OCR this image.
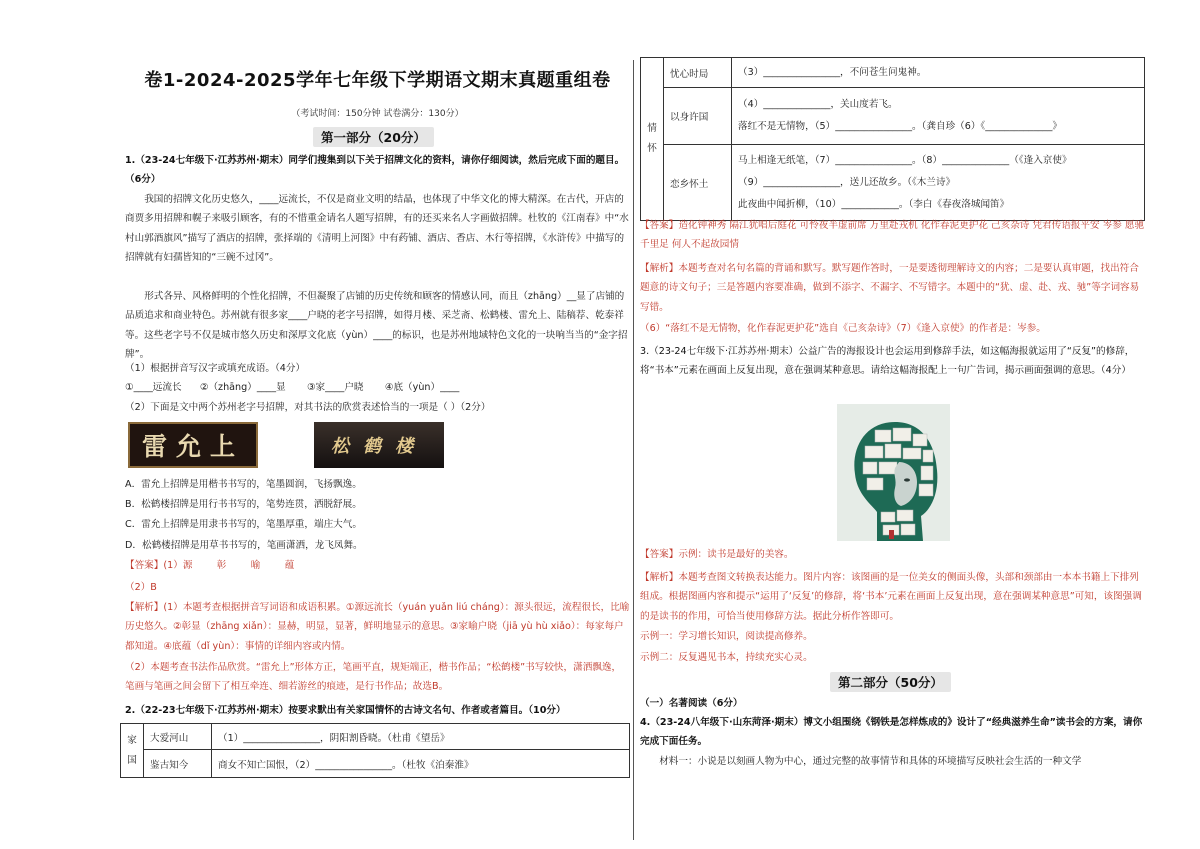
卷1-2024-2025学年七年级下学期语文期末真题重组卷
（考试时间：150分钟 试卷满分：130分）
第一部分（20分）
1.（23-24七年级下·江苏苏州·期末）同学们搜集到以下关于招牌文化的资料，请你仔细阅读，然后完成下面的题目。（6分）
我国的招牌文化历史悠久，____远流长，不仅是商业文明的结晶，也体现了中华文化的博大精深。在古代，开店的商贾多用招牌和幌子来吸引顾客，有的不惜重金请名人题写招牌，有的还买来名人字画做招牌。杜牧的《江南春》中“水村山郭酒旗风”描写了酒店的招牌，张择端的《清明上河图》中有药铺、酒店、香店、木行等招牌，《水浒传》中描写的招牌就有妇孺皆知的“三碗不过冈”。
形式各异、风格鲜明的个性化招牌，不但凝聚了店铺的历史传统和顾客的情感认同，而且（zhāng）__显了店铺的品质追求和商业特色。苏州就有很多家____户晓的老字号招牌，如得月楼、采芝斋、松鹤楼、雷允上、陆稿荐、乾泰祥等。这些老字号不仅是城市悠久历史和深厚文化底（yùn）____的标识，也是苏州地域特色文化的一块响当当的“金字招牌”。
（1）根据拼音写汉字或填充成语。（4分）
①____远流长      ②（zhāng）____显       ③家____户晓       ④底（yùn）____
（2）下面是文中两个苏州老字号招牌，对其书法的欣赏表述恰当的一项是（ ）（2分）
雷允上	松鹤楼
A．雷允上招牌是用楷书书写的，笔墨圆润，飞扬飘逸。
B．松鹤楼招牌是用行书书写的，笔势连贯，洒脱舒展。
C．雷允上招牌是用隶书书写的，笔墨厚重，端庄大气。
D．松鹤楼招牌是用草书书写的，笔画潇洒，龙飞凤舞。
【答案】(1）源        彰        喻        蕴
（2）B
【解析】(1）本题考查根据拼音写词语和成语积累。①源远流长（yuán yuǎn liú cháng）：源头很远，流程很长，比喻历史悠久。②彰显（zhāng xiǎn）：显赫，明显，显著，鲜明地显示的意思。③家喻户晓（jiā yù hù xiǎo）：每家每户都知道。④底蕴（dǐ yùn）：事情的详细内容或内情。
（2）本题考查书法作品欣赏。“雷允上”形体方正，笔画平直，规矩端正，楷书作品；“松鹤楼”书写较快，潇洒飘逸，笔画与笔画之间会留下了相互牵连、细若游丝的痕迹，是行书作品；故选B。
2.（22-23七年级下·江苏苏州·期末）按要求默出有关家国情怀的古诗文名句、作者或者篇目。（10分）
家国	大爱河山	（1）________________，阴阳割昏晓。（杜甫《望岳》
	鉴古知今	商女不知亡国恨，（2）________________。（杜牧《泊秦淮》
情怀	忧心时局	（3）________________，不问苍生问鬼神。
	以身许国	（4）______________，关山度若飞。
落红不是无情物，（5）________________。（龚自珍（6）《______________》

	恋乡怀土	马上相逢无纸笔，（7）________________。（8）______________（《逢入京使》
（9）________________，送儿还故乡。（《木兰诗》
此夜曲中闻折柳，（10）____________。（李白《春夜洛城闻笛》
【答案】造化钟神秀 隔江犹唱后庭花 可怜夜半虚前席 万里赴戎机 化作春泥更护花 己亥杂诗 凭君传语报平安 岑参 愿驰千里足 何人不起故园情
【解析】本题考查对名句名篇的背诵和默写。默写题作答时，一是要透彻理解诗文的内容；二是要认真审题，找出符合题意的诗文句子；三是答题内容要准确，做到不添字、不漏字、不写错字。本题中的“犹、虚、赴、戎、驰”等字词容易写错。
（6）“落红不是无情物，化作春泥更护花”选自《己亥杂诗》（7）《逢入京使》的作者是：岑参。
3.（23-24七年级下·江苏苏州·期末）公益广告的海报设计也会运用到修辞手法，如这幅海报就运用了“反复”的修辞，将“书本”元素在画面上反复出现，意在强调某种意思。请给这幅海报配上一句广告词，揭示画面强调的意思。（4分）
【答案】示例：读书是最好的美容。
【解析】本题考查图文转换表达能力。图片内容：该图画的是一位美女的侧面头像，头部和颈部由一本本书籍上下排列组成。根据图画内容和提示“运用了‘反复’的修辞，将‘书本’元素在画面上反复出现，意在强调某种意思”可知，该图强调的是读书的作用，可恰当使用修辞方法。据此分析作答即可。
示例一：学习增长知识，阅读提高修养。
示例二：反复遇见书本，持续充实心灵。
第二部分（50分）
（一）名著阅读（6分）
4.（23-24八年级下·山东菏泽·期末）博文小组围绕《钢铁是怎样炼成的》设计了“经典滋养生命”读书会的方案，请你完成下面任务。
材料一：小说是以刻画人物为中心，通过完整的故事情节和具体的环境描写反映社会生活的一种文学
